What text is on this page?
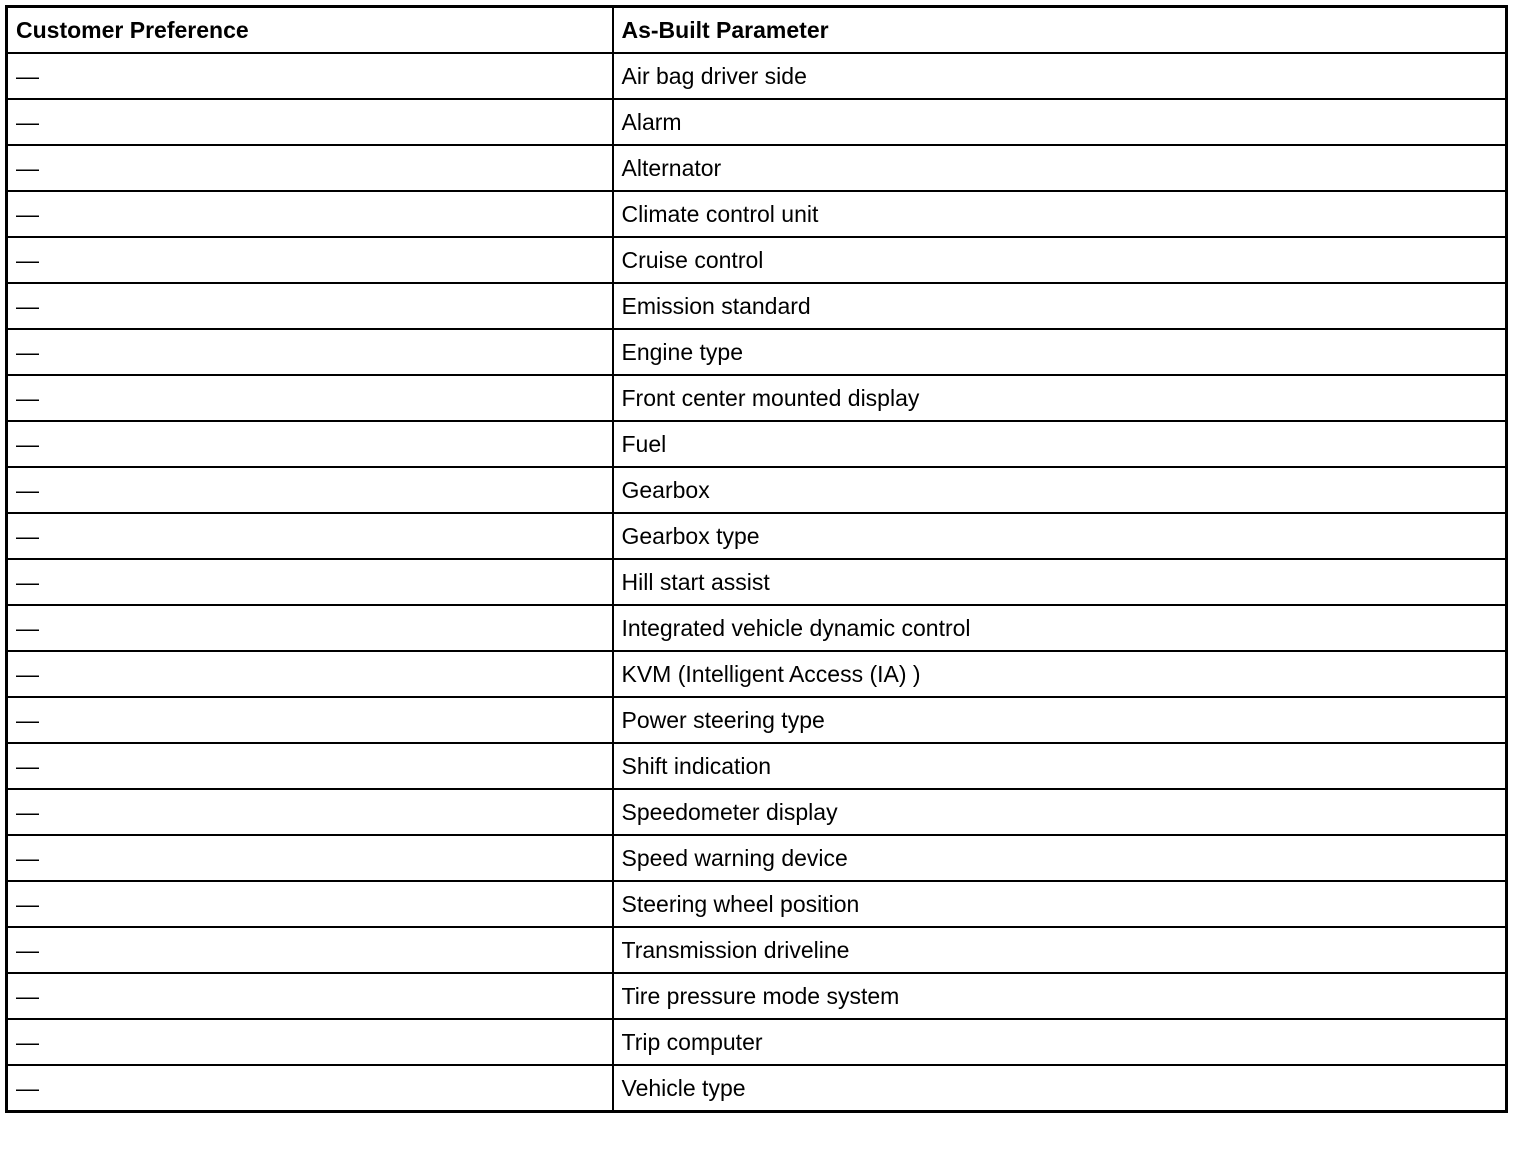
Customer Preference	As-Built Parameter
—	Air bag driver side
—	Alarm
—	Alternator
—	Climate control unit
—	Cruise control
—	Emission standard
—	Engine type
—	Front center mounted display
—	Fuel
—	Gearbox
—	Gearbox type
—	Hill start assist
—	Integrated vehicle dynamic control
—	KVM (Intelligent Access (IA) )
—	Power steering type
—	Shift indication
—	Speedometer display
—	Speed warning device
—	Steering wheel position
—	Transmission driveline
—	Tire pressure mode system
—	Trip computer
—	Vehicle type
